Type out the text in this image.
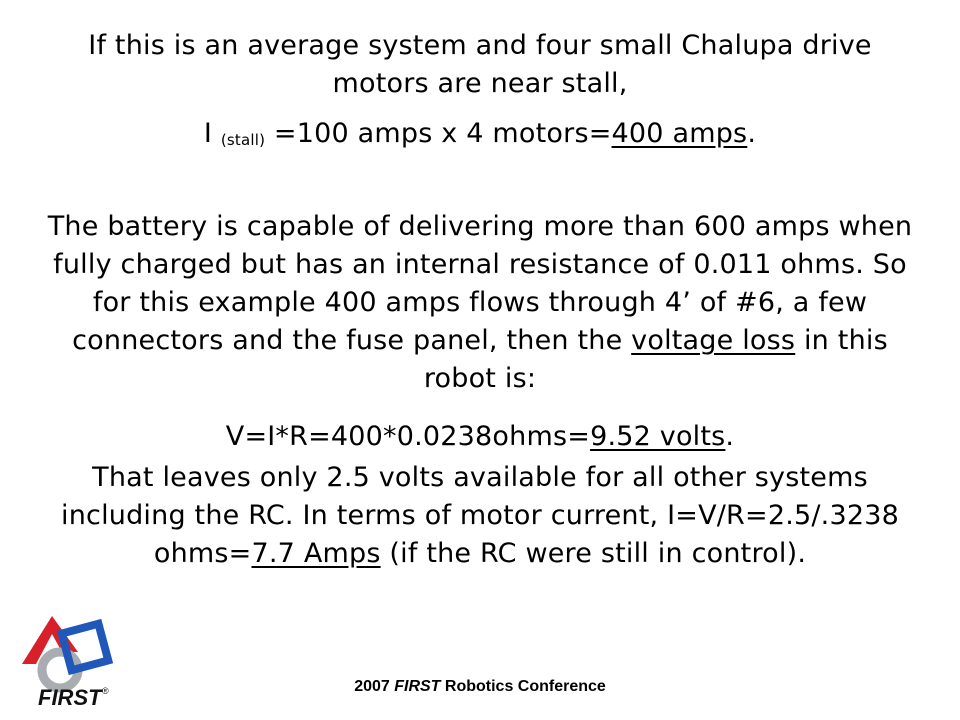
If this is an average system and four small Chalupa drive motors are near stall,
I $_{(stall)}$ =100 amps x 4 motors=400 amps.
The battery is capable of delivering more than 600 amps when fully charged but has an internal resistance of 0.011 ohms. So for this example 400 amps flows through 4’ of #6, a few connectors and the fuse panel, then the voltage loss in this robot is:
V=I*R=400*0.0238ohms=9.52 volts.
That leaves only 2.5 volts available for all other systems including the RC. In terms of motor current, I=V/R=2.5/.3238 ohms=7.7 Amps (if the RC were still in control).
FIRST ®	2007 FIRST Robotics Conference
